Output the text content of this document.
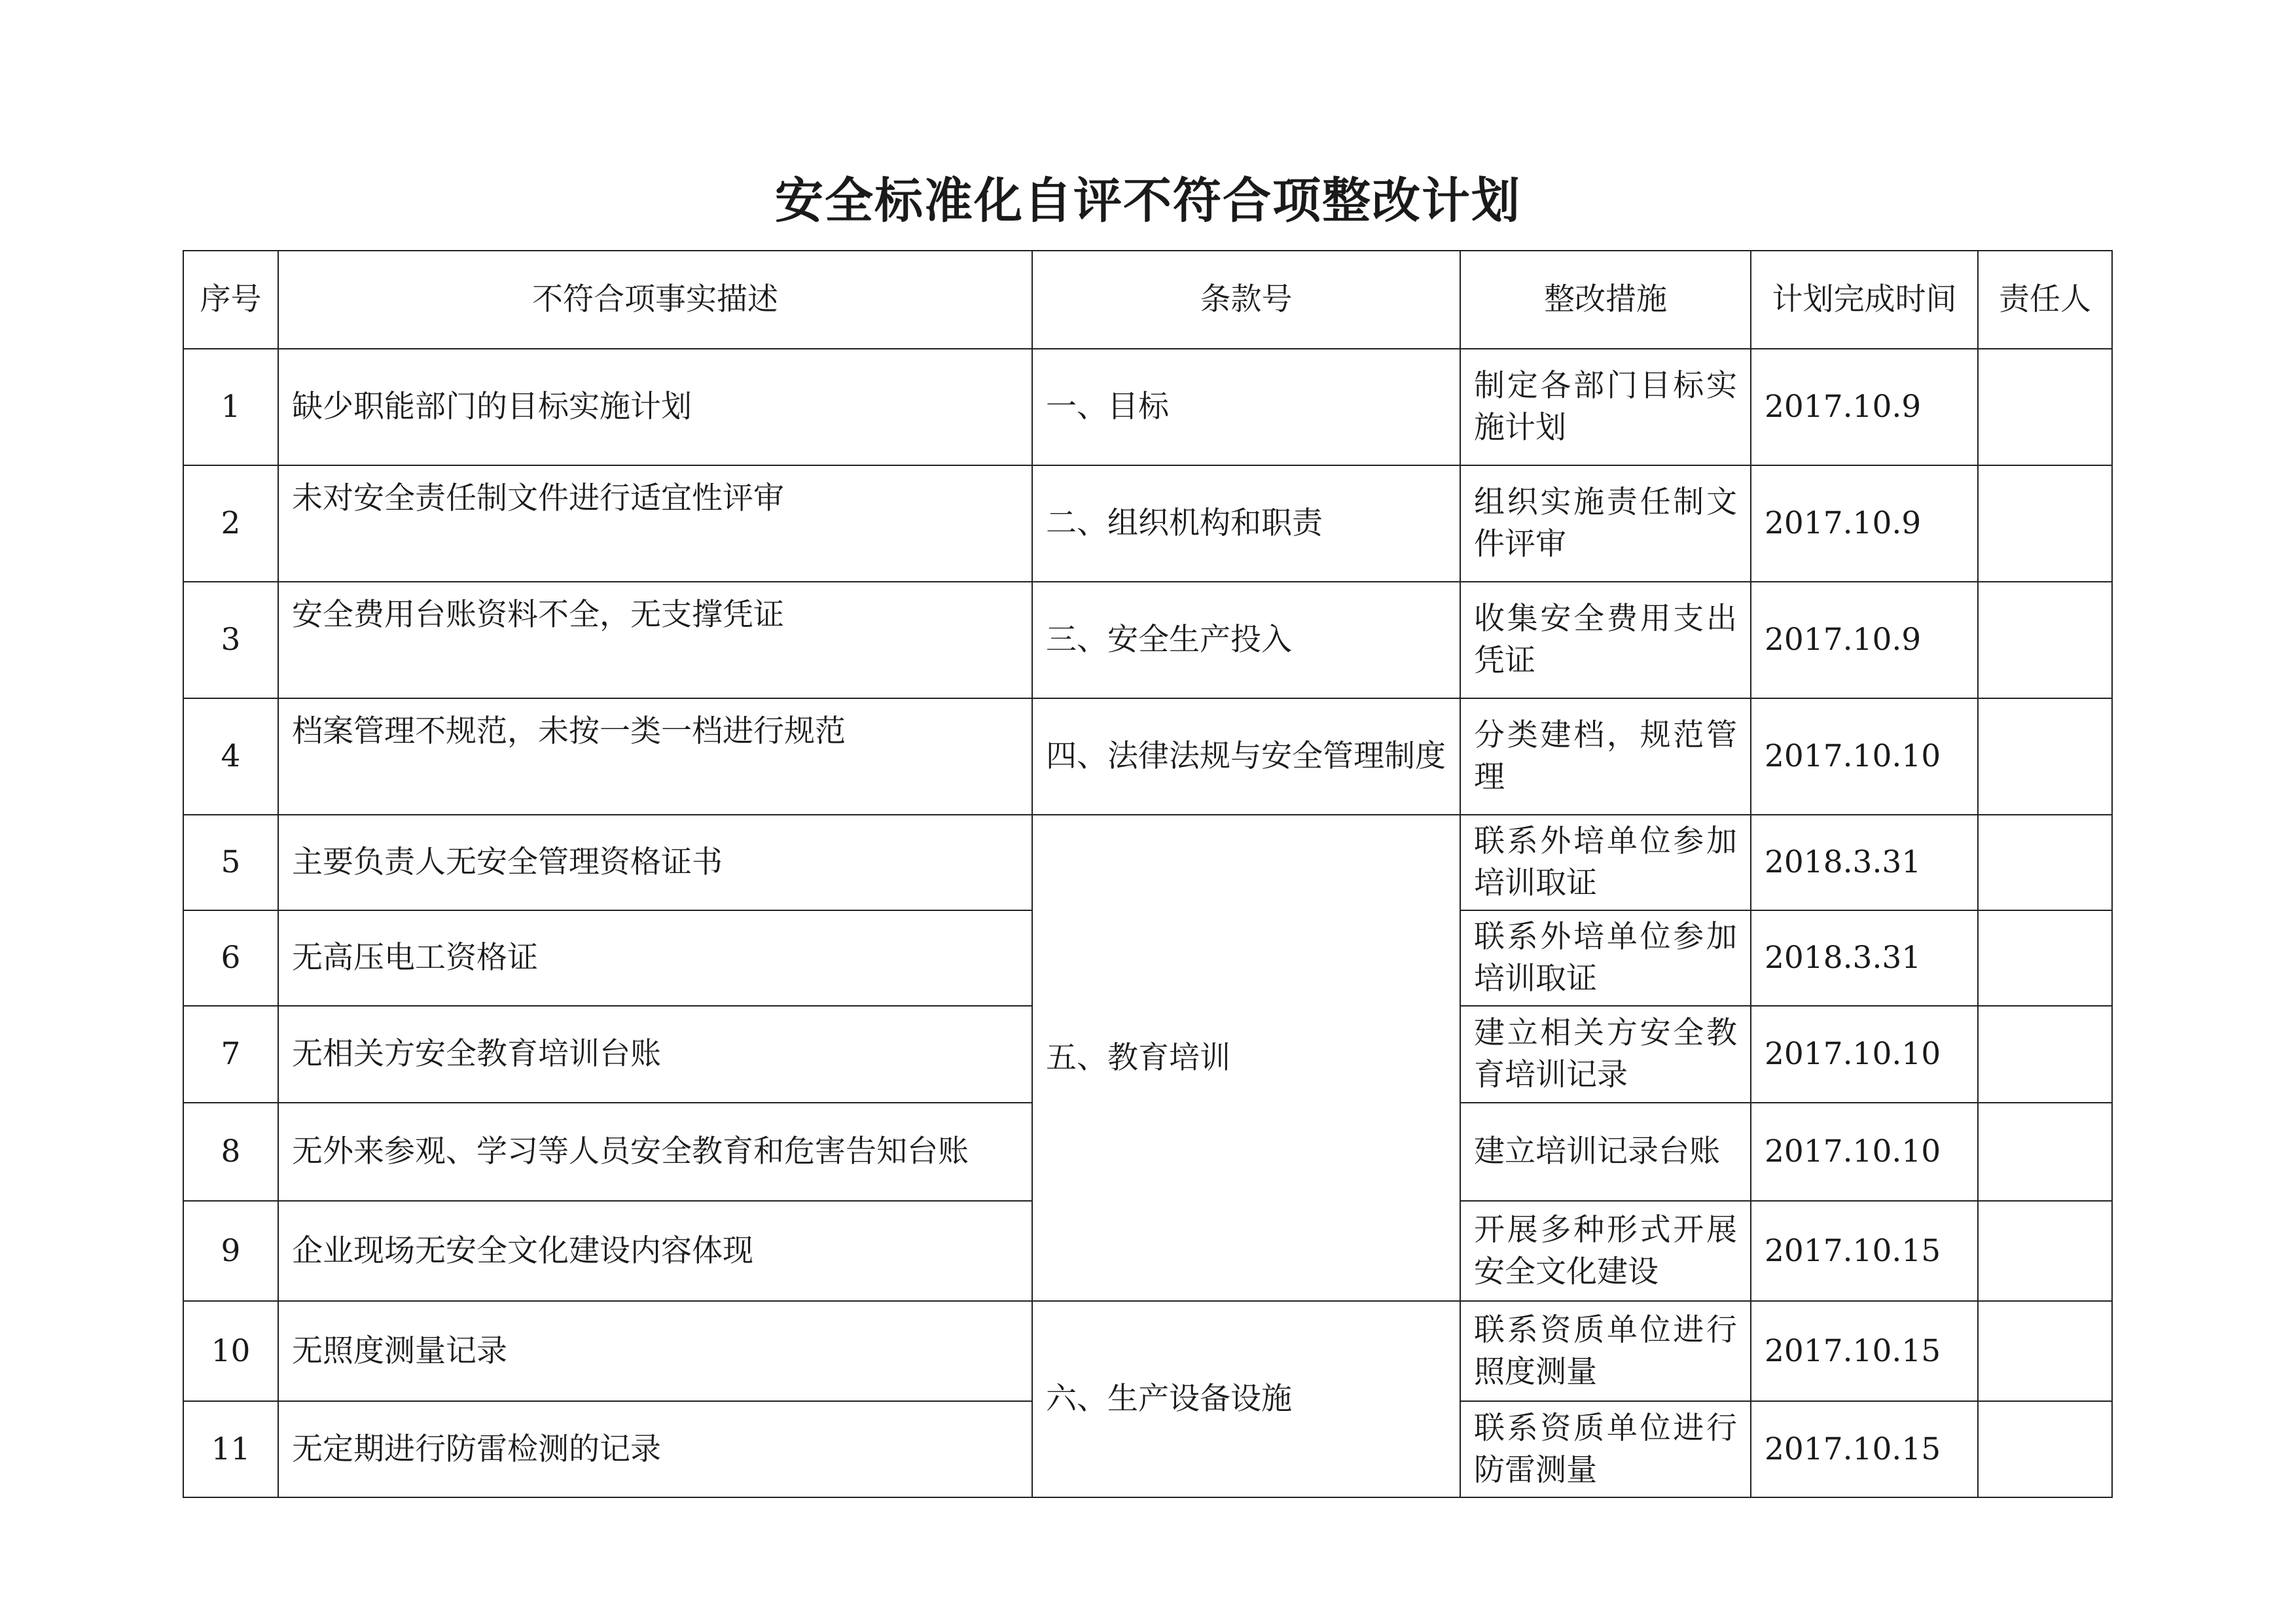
安全标准化自评不符合项整改计划
序号	不符合项事实描述	条款号	整改措施	计划完成时间	责任人
1	缺少职能部门的目标实施计划	一、目标	制定各部门目标实施计划	2017.10.9	
2	未对安全责任制文件进行适宜性评审	二、组织机构和职责	组织实施责任制文件评审	2017.10.9	
3	安全费用台账资料不全，无支撑凭证	三、安全生产投入	收集安全费用支出凭证	2017.10.9	
4	档案管理不规范，未按一类一档进行规范	四、法律法规与安全管理制度	分类建档，规范管理	2017.10.10	
5	主要负责人无安全管理资格证书	五、教育培训	联系外培单位参加培训取证	2018.3.31	
6	无高压电工资格证		联系外培单位参加培训取证	2018.3.31	
7	无相关方安全教育培训台账		建立相关方安全教育培训记录	2017.10.10	
8	无外来参观、学习等人员安全教育和危害告知台账		建立培训记录台账	2017.10.10	
9	企业现场无安全文化建设内容体现		开展多种形式开展安全文化建设	2017.10.15	
10	无照度测量记录	六、生产设备设施	联系资质单位进行照度测量	2017.10.15	
11	无定期进行防雷检测的记录		联系资质单位进行防雷测量	2017.10.15	
